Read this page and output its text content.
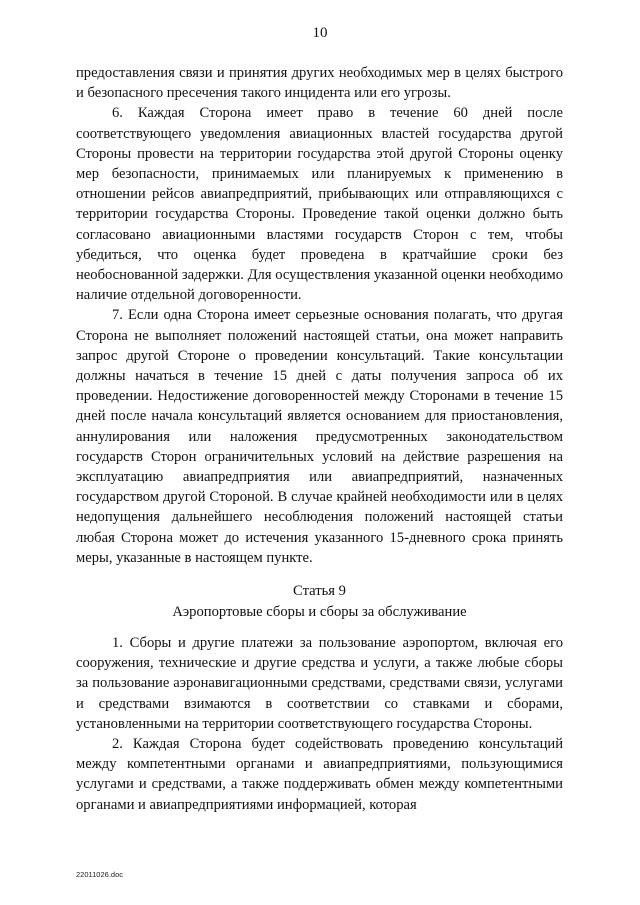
10

предоставления связи и принятия других необходимых мер в целях быстрого и безопасного пресечения такого инцидента или его угрозы.

6. Каждая Сторона имеет право в течение 60 дней после соответствующего уведомления авиационных властей государства другой Стороны провести на территории государства этой другой Стороны оценку мер безопасности, принимаемых или планируемых к применению в отношении рейсов авиапредприятий, прибывающих или отправляющихся с территории государства Стороны. Проведение такой оценки должно быть согласовано авиационными властями государств Сторон с тем, чтобы убедиться, что оценка будет проведена в кратчайшие сроки без необоснованной задержки. Для осуществления указанной оценки необходимо наличие отдельной договоренности.

7. Если одна Сторона имеет серьезные основания полагать, что другая Сторона не выполняет положений настоящей статьи, она может направить запрос другой Стороне о проведении консультаций. Такие консультации должны начаться в течение 15 дней с даты получения запроса об их проведении. Недостижение договоренностей между Сторонами в течение 15 дней после начала консультаций является основанием для приостановления, аннулирования или наложения предусмотренных законодательством государств Сторон ограничительных условий на действие разрешения на эксплуатацию авиапредприятия или авиапредприятий, назначенных государством другой Стороной. В случае крайней необходимости или в целях недопущения дальнейшего несоблюдения положений настоящей статьи любая Сторона может до истечения указанного 15-дневного срока принять меры, указанные в настоящем пункте.

Статья 9
Аэропортовые сборы и сборы за обслуживание

1. Сборы и другие платежи за пользование аэропортом, включая его сооружения, технические и другие средства и услуги, а также любые сборы за пользование аэронавигационными средствами, средствами связи, услугами и средствами взимаются в соответствии со ставками и сборами, установленными на территории соответствующего государства Стороны.

2. Каждая Сторона будет содействовать проведению консультаций между компетентными органами и авиапредприятиями, пользующимися услугами и средствами, а также поддерживать обмен между компетентными органами и авиапредприятиями информацией, которая

22011026.doc
